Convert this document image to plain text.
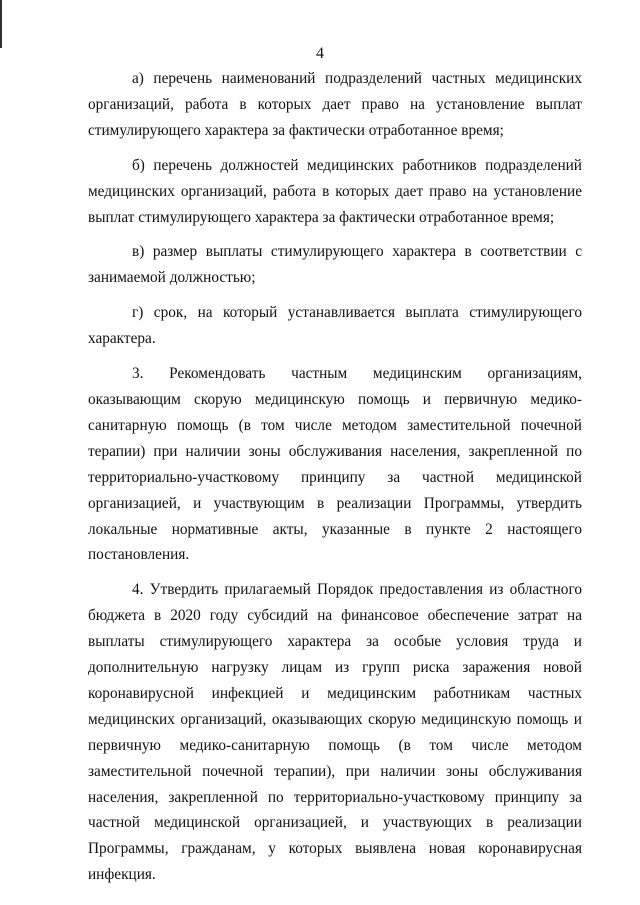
4

а) перечень наименований подразделений частных медицинских организаций, работа в которых дает право на установление выплат стимулирующего характера за фактически отработанное время;

б) перечень должностей медицинских работников подразделений медицинских организаций, работа в которых дает право на установление выплат стимулирующего характера за фактически отработанное время;

в) размер выплаты стимулирующего характера в соответствии с занимаемой должностью;

г) срок, на который устанавливается выплата стимулирующего характера.

3. Рекомендовать частным медицинским организациям, оказывающим скорую медицинскую помощь и первичную медико-санитарную помощь (в том числе методом заместительной почечной терапии) при наличии зоны обслуживания населения, закрепленной по территориально-участковому принципу за частной медицинской организацией, и участвующим в реализации Программы, утвердить локальные нормативные акты, указанные в пункте 2 настоящего постановления.

4. Утвердить прилагаемый Порядок предоставления из областного бюджета в 2020 году субсидий на финансовое обеспечение затрат на выплаты стимулирующего характера за особые условия труда и дополнительную нагрузку лицам из групп риска заражения новой коронавирусной инфекцией и медицинским работникам частных медицинских организаций, оказывающих скорую медицинскую помощь и первичную медико-санитарную помощь (в том числе методом заместительной почечной терапии), при наличии зоны обслуживания населения, закрепленной по территориально-участковому принципу за частной медицинской организацией, и участвующих в реализации Программы, гражданам, у которых выявлена новая коронавирусная инфекция.
